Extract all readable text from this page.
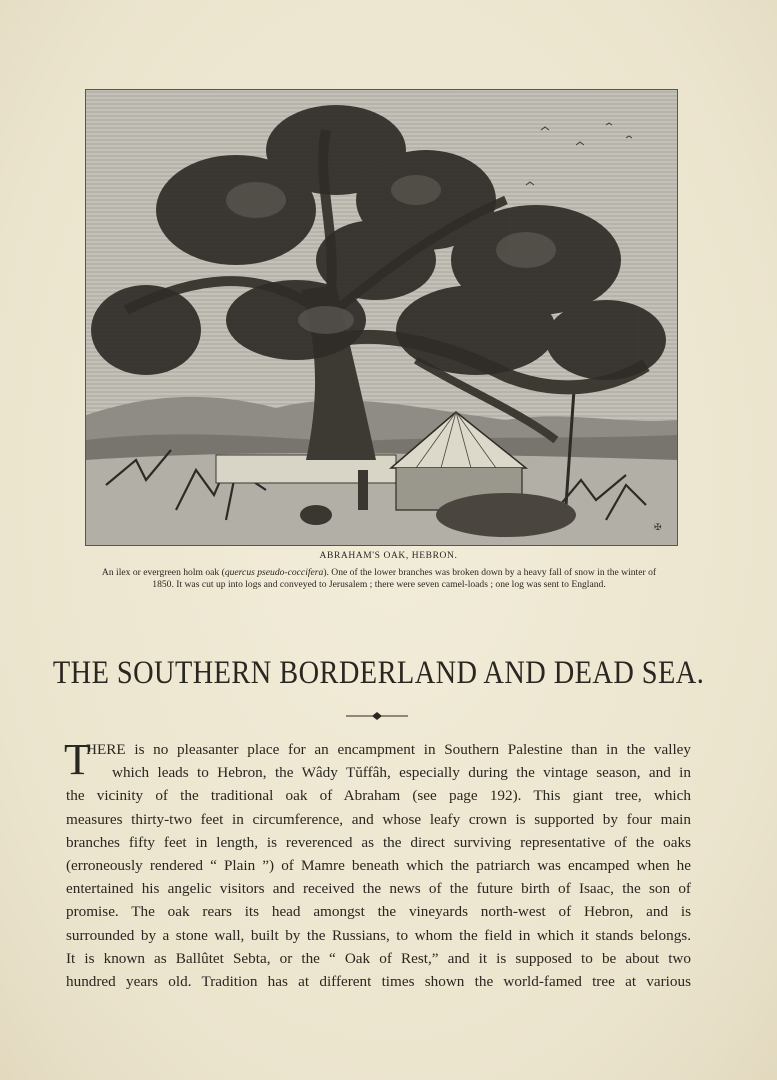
✠
ABRAHAM'S OAK, HEBRON.
An ilex or evergreen holm oak (quercus pseudo-coccifera). One of the lower branches was broken down by a heavy fall of snow in the winter of
1850. It was cut up into logs and conveyed to Jerusalem ; there were seven camel-loads ; one log was sent to England.
THE SOUTHERN BORDERLAND AND DEAD SEA.
T
HERE is no pleasanter place for an encampment in Southern Palestine than in the valley
which leads to Hebron, the Wâdy Tŭffâh, especially during the vintage season, and in
the vicinity of the traditional oak of Abraham (see page 192). This giant tree, which
measures thirty-two feet in circumference, and whose leafy crown is supported by four main
branches fifty feet in length, is reverenced as the direct surviving representative of the oaks
(erroneously rendered “ Plain ”) of Mamre beneath which the patriarch was encamped when he
entertained his angelic visitors and received the news of the future birth of Isaac, the son of
promise. The oak rears its head amongst the vineyards north-west of Hebron, and is
surrounded by a stone wall, built by the Russians, to whom the field in which it stands belongs.
It is known as Ballûtet Sebta, or the “ Oak of Rest,” and it is supposed to be about two
hundred years old. Tradition has at different times shown the world-famed tree at various
